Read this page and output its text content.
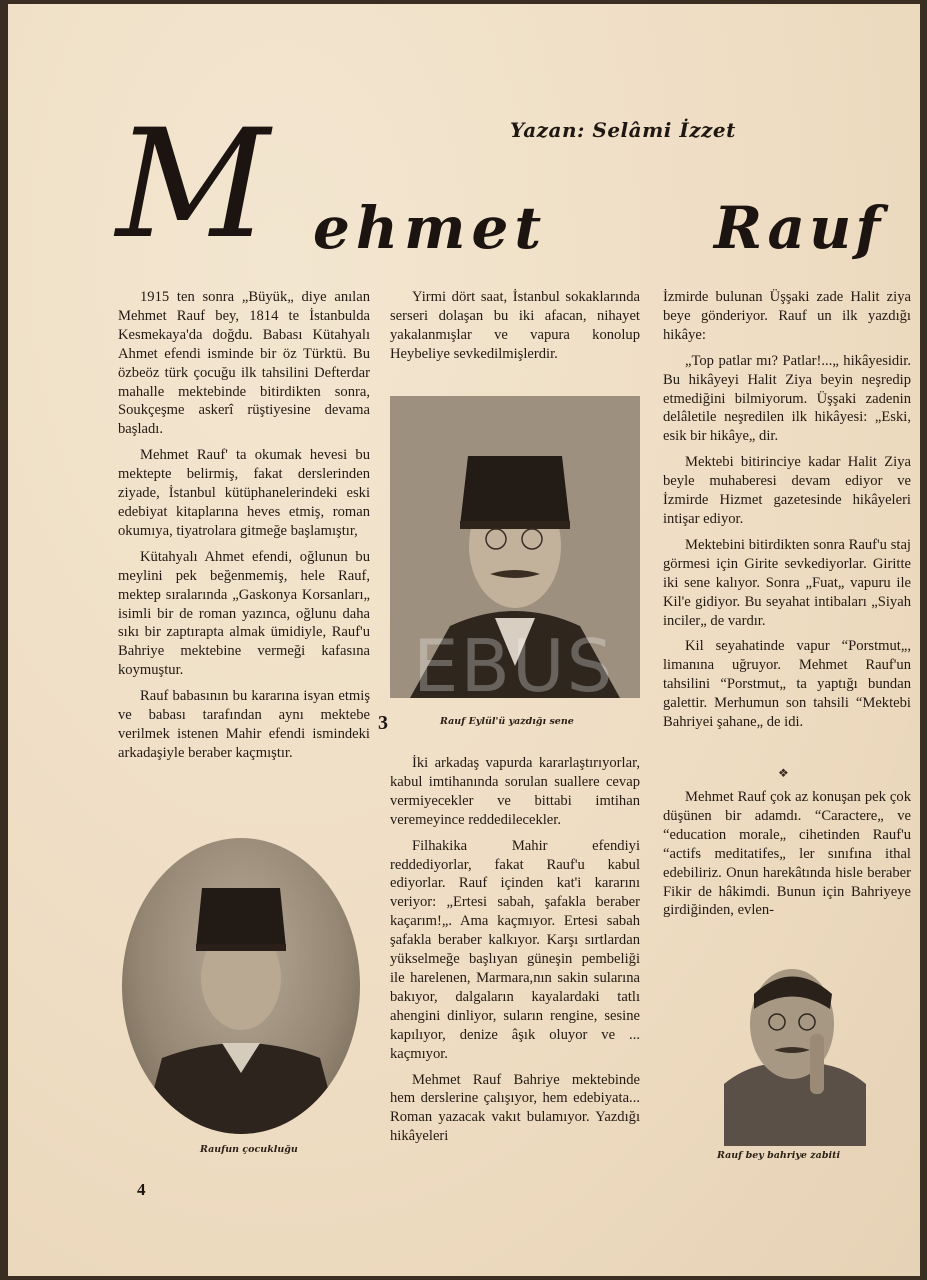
Yazan: Selâmi İzzet
M ehmet	Rauf

1915 ten sonra „Büyük„ diye anılan Mehmet Rauf bey, 1814 te İstanbulda Kesmekaya'da doğdu. Babası Kütahyalı Ahmet efendi isminde bir öz Türktü. Bu özbeöz türk çocuğu ilk tahsilini Defterdar mahalle mektebinde bitirdikten sonra, Soukçeşme askerî rüştiyesine devama başladı.

Mehmet Rauf' ta okumak hevesi bu mektepte belirmiş, fakat derslerinden ziyade, İstanbul kütüphanelerindeki eski edebiyat kitaplarına heves etmiş, roman okumıya, tiyatrolara gitmeğe başlamıştır,

Kütahyalı Ahmet efendi, oğlunun bu meylini pek beğenmemiş, hele Rauf, mektep sıralarında „Gaskonya Korsanları„ isimli bir de roman yazınca, oğlunu daha sıkı bir zaptırapta almak ümidiyle, Rauf'u Bahriye mektebine vermeği kafasına koymuştur.

Rauf babasının bu kararına isyan etmiş ve babası tarafından aynı mektebe verilmek istenen Mahir efendi ismindeki arkadaşiyle beraber kaçmıştır.

Yirmi dört saat, İstanbul sokaklarında serseri dolaşan bu iki afacan, nihayet yakalanmışlar ve vapura konolup Heybeliye sevkedilmişlerdir.

Rauf Eylül'ü yazdığı sene
3
EBUS

İki arkadaş vapurda kararlaştırıyorlar, kabul imtihanında sorulan suallere cevap vermiyecekler ve bittabi imtihan veremeyince reddedilecekler.

Filhakika Mahir efendiyi reddediyorlar, fakat Rauf'u kabul ediyorlar. Rauf içinden kat'i kararını veriyor: „Ertesi sabah, şafakla beraber kaçarım!„. Ama kaçmıyor. Ertesi sabah şafakla beraber kalkıyor. Karşı sırtlardan yükselmeğe başlıyan güneşin pembeliği ile harelenen, Marmara,nın sakin sularına bakıyor, dalgaların kayalardaki tatlı ahengini dinliyor, suların rengine, sesine kapılıyor, denize âşık oluyor ve ... kaçmıyor.

Mehmet Rauf Bahriye mektebinde hem derslerine çalışıyor, hem edebiyata... Roman yazacak vakıt bulamıyor. Yazdığı hikâyeleri

İzmirde bulunan Üşşaki zade Halit ziya beye gönderiyor. Rauf un ilk yazdığı hikâye:

„Top patlar mı? Patlar!...„ hikâyesidir. Bu hikâyeyi Halit Ziya beyin neşredip etmediğini bilmiyorum. Üşşaki zadenin delâletile neşredilen ilk hikâyesi: „Eski, esik bir hikâye„ dir.

Mektebi bitirinciye kadar Halit Ziya beyle muhaberesi devam ediyor ve İzmirde Hizmet gazetesinde hikâyeleri intişar ediyor.

Mektebini bitirdikten sonra Rauf'u staj görmesi için Girite sevkediyorlar. Giritte iki sene kalıyor. Sonra „Fuat„ vapuru ile Kil'e gidiyor. Bu seyahat intibaları „Siyah inciler„ de vardır.

Kil seyahatinde vapur “Porstmut„, limanına uğruyor. Mehmet Rauf'un tahsilini “Porstmut„ ta yaptığı bundan galettir. Merhumun son tahsili “Mektebi Bahriyei şahane„ de idi.

❖

Mehmet Rauf çok az konuşan pek çok düşünen bir adamdı. “Caractere„ ve “education morale„ cihetinden Rauf'u “actifs meditatifes„ ler sınıfına ithal edebiliriz. Onun harekâtında hisle beraber Fikir de hâkimdi. Bunun için Bahriyeye girdiğinden, evlen-

Raufun çocukluğu
Rauf bey bahriye zabiti
4
